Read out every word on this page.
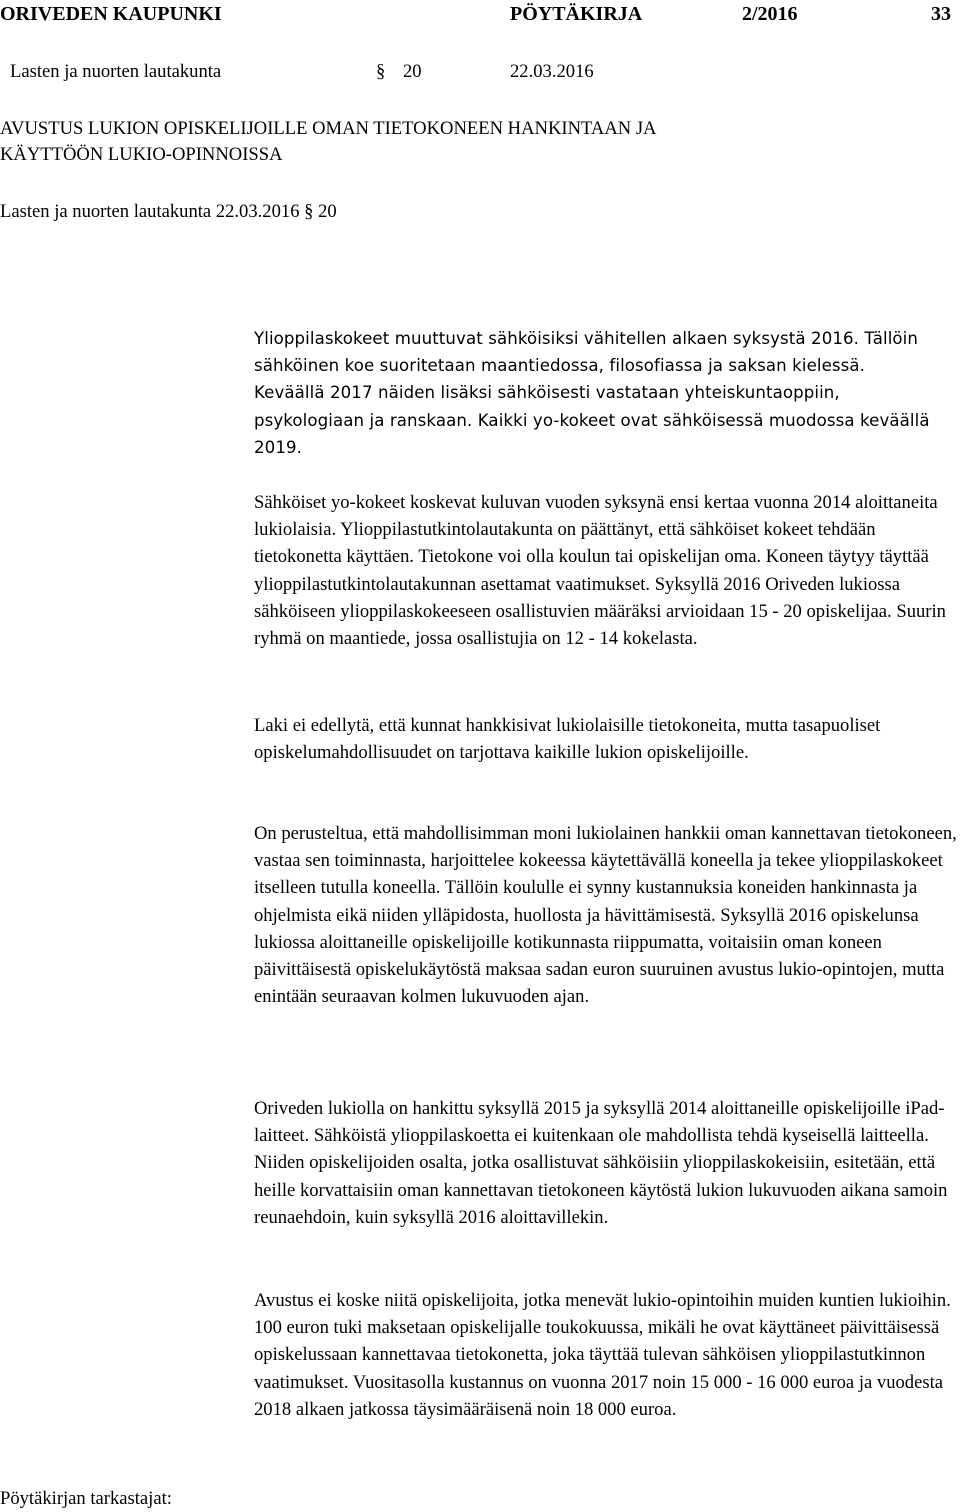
ORIVEDEN KAUPUNKI	PÖYTÄKIRJA	2/2016	33
Lasten ja nuorten lautakunta	§ 20	22.03.2016
AVUSTUS LUKION OPISKELIJOILLE OMAN TIETOKONEEN HANKINTAAN JA
KÄYTTÖÖN LUKIO-OPINNOISSA
Lasten ja nuorten lautakunta 22.03.2016 § 20

Ylioppilaskokeet muuttuvat sähköisiksi vähitellen alkaen syksystä 2016. Tällöin sähköinen koe suoritetaan maantiedossa, filosofiassa ja saksan kielessä. Keväällä 2017 näiden lisäksi sähköisesti vastataan yhteiskuntaoppiin, psykologiaan ja ranskaan. Kaikki yo-kokeet ovat sähköisessä muodossa keväällä 2019.

Sähköiset yo-kokeet koskevat kuluvan vuoden syksynä ensi kertaa vuonna 2014 aloittaneita lukiolaisia. Ylioppilastutkintolautakunta on päättänyt, että sähköiset kokeet tehdään tietokonetta käyttäen. Tietokone voi olla koulun tai opiskelijan oma. Koneen täytyy täyttää ylioppilastutkintolautakunnan asettamat vaatimukset. Syksyllä 2016 Oriveden lukiossa sähköiseen ylioppilaskokeeseen osallistuvien määräksi arvioidaan 15 - 20 opiskelijaa. Suurin ryhmä on maantiede, jossa osallistujia on 12 - 14 kokelasta.

Laki ei edellytä, että kunnat hankkisivat lukiolaisille tietokoneita, mutta tasapuoliset opiskelumahdollisuudet on tarjottava kaikille lukion opiskelijoille.

On perusteltua, että mahdollisimman moni lukiolainen hankkii oman kannettavan tietokoneen, vastaa sen toiminnasta, harjoittelee kokeessa käytettävällä koneella ja tekee ylioppilaskokeet itselleen tutulla koneella. Tällöin koululle ei synny kustannuksia koneiden hankinnasta ja ohjelmista eikä niiden ylläpidosta, huollosta ja hävittämisestä. Syksyllä 2016 opiskelunsa lukiossa aloittaneille opiskelijoille kotikunnasta riippumatta, voitaisiin oman koneen päivittäisestä opiskelukäytöstä maksaa sadan euron suuruinen avustus lukio-opintojen, mutta enintään seuraavan kolmen lukuvuoden ajan.

Oriveden lukiolla on hankittu syksyllä 2015 ja syksyllä 2014 aloittaneille opiskelijoille iPad-laitteet. Sähköistä ylioppilaskoetta ei kuitenkaan ole mahdollista tehdä kyseisellä laitteella. Niiden opiskelijoiden osalta, jotka osallistuvat sähköisiin ylioppilaskokeisiin, esitetään, että heille korvattaisiin oman kannettavan tietokoneen käytöstä lukion lukuvuoden aikana samoin reunaehdoin, kuin syksyllä 2016 aloittavillekin.

Avustus ei koske niitä opiskelijoita, jotka menevät lukio-opintoihin muiden kuntien lukioihin. 100 euron tuki maksetaan opiskelijalle toukokuussa, mikäli he ovat käyttäneet päivittäisessä opiskelussaan kannettavaa tietokonetta, joka täyttää tulevan sähköisen ylioppilastutkinnon vaatimukset. Vuositasolla kustannus on vuonna 2017 noin 15 000 - 16 000 euroa ja vuodesta 2018 alkaen jatkossa täysimääräisenä noin 18 000 euroa.

Pöytäkirjan tarkastajat:
